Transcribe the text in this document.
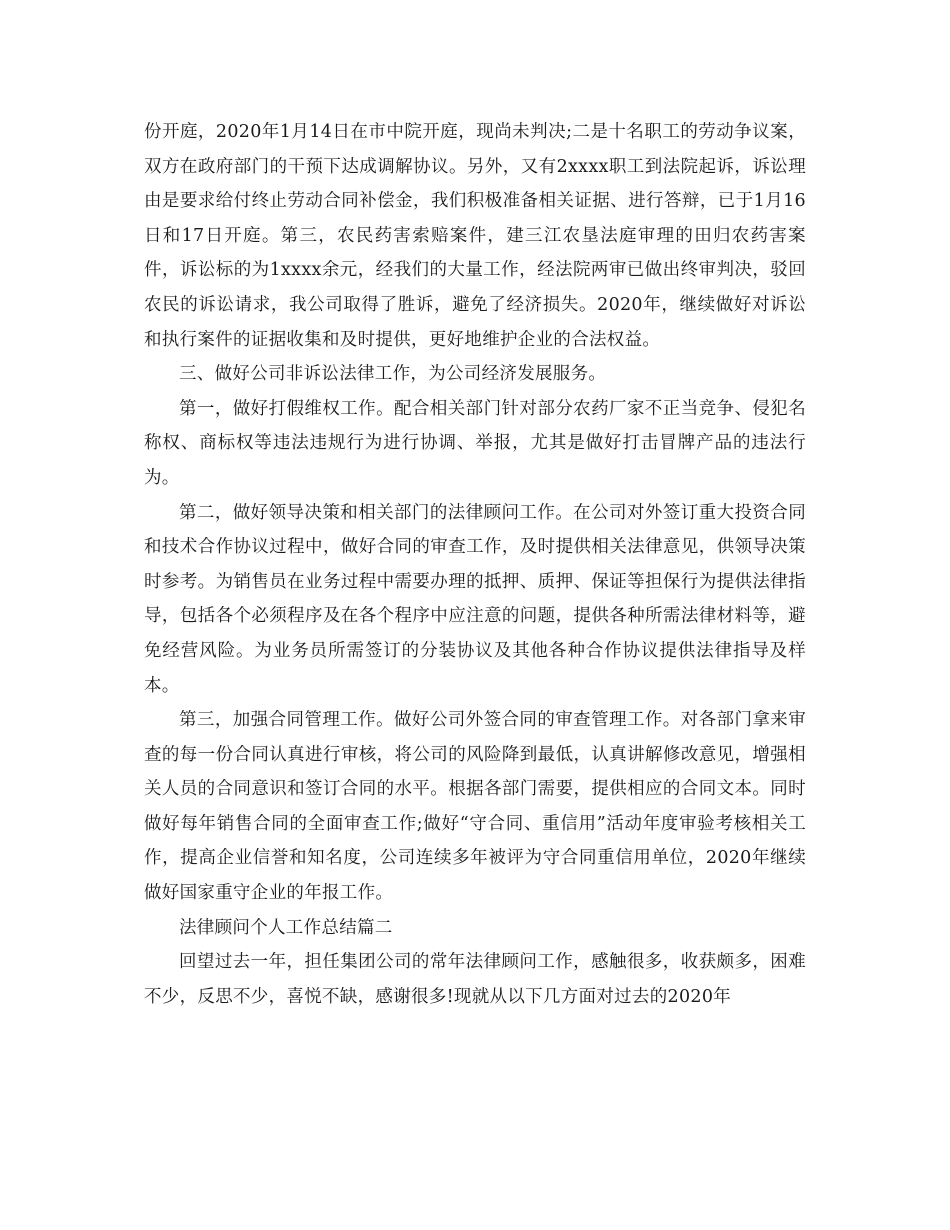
份开庭，2020年1月14日在市中院开庭，现尚未判决;二是十名职工的劳动争议案，双方在政府部门的干预下达成调解协议。另外，又有2xxxx职工到法院起诉，诉讼理由是要求给付终止劳动合同补偿金，我们积极准备相关证据、进行答辩，已于1月16日和17日开庭。第三，农民药害索赔案件，建三江农垦法庭审理的田归农药害案件，诉讼标的为1xxxx余元，经我们的大量工作，经法院两审已做出终审判决，驳回农民的诉讼请求，我公司取得了胜诉，避免了经济损失。2020年，继续做好对诉讼和执行案件的证据收集和及时提供，更好地维护企业的合法权益。

三、做好公司非诉讼法律工作，为公司经济发展服务。

第一，做好打假维权工作。配合相关部门针对部分农药厂家不正当竞争、侵犯名称权、商标权等违法违规行为进行协调、举报，尤其是做好打击冒牌产品的违法行为。

第二，做好领导决策和相关部门的法律顾问工作。在公司对外签订重大投资合同和技术合作协议过程中，做好合同的审查工作，及时提供相关法律意见，供领导决策时参考。为销售员在业务过程中需要办理的抵押、质押、保证等担保行为提供法律指导，包括各个必须程序及在各个程序中应注意的问题，提供各种所需法律材料等，避免经营风险。为业务员所需签订的分装协议及其他各种合作协议提供法律指导及样本。

第三，加强合同管理工作。做好公司外签合同的审查管理工作。对各部门拿来审查的每一份合同认真进行审核，将公司的风险降到最低，认真讲解修改意见，增强相关人员的合同意识和签订合同的水平。根据各部门需要，提供相应的合同文本。同时做好每年销售合同的全面审查工作;做好“守合同、重信用”活动年度审验考核相关工作，提高企业信誉和知名度，公司连续多年被评为守合同重信用单位，2020年继续做好国家重守企业的年报工作。

法律顾问个人工作总结篇二

回望过去一年，担任集团公司的常年法律顾问工作，感触很多，收获颇多，困难不少，反思不少，喜悦不缺，感谢很多!现就从以下几方面对过去的2020年
